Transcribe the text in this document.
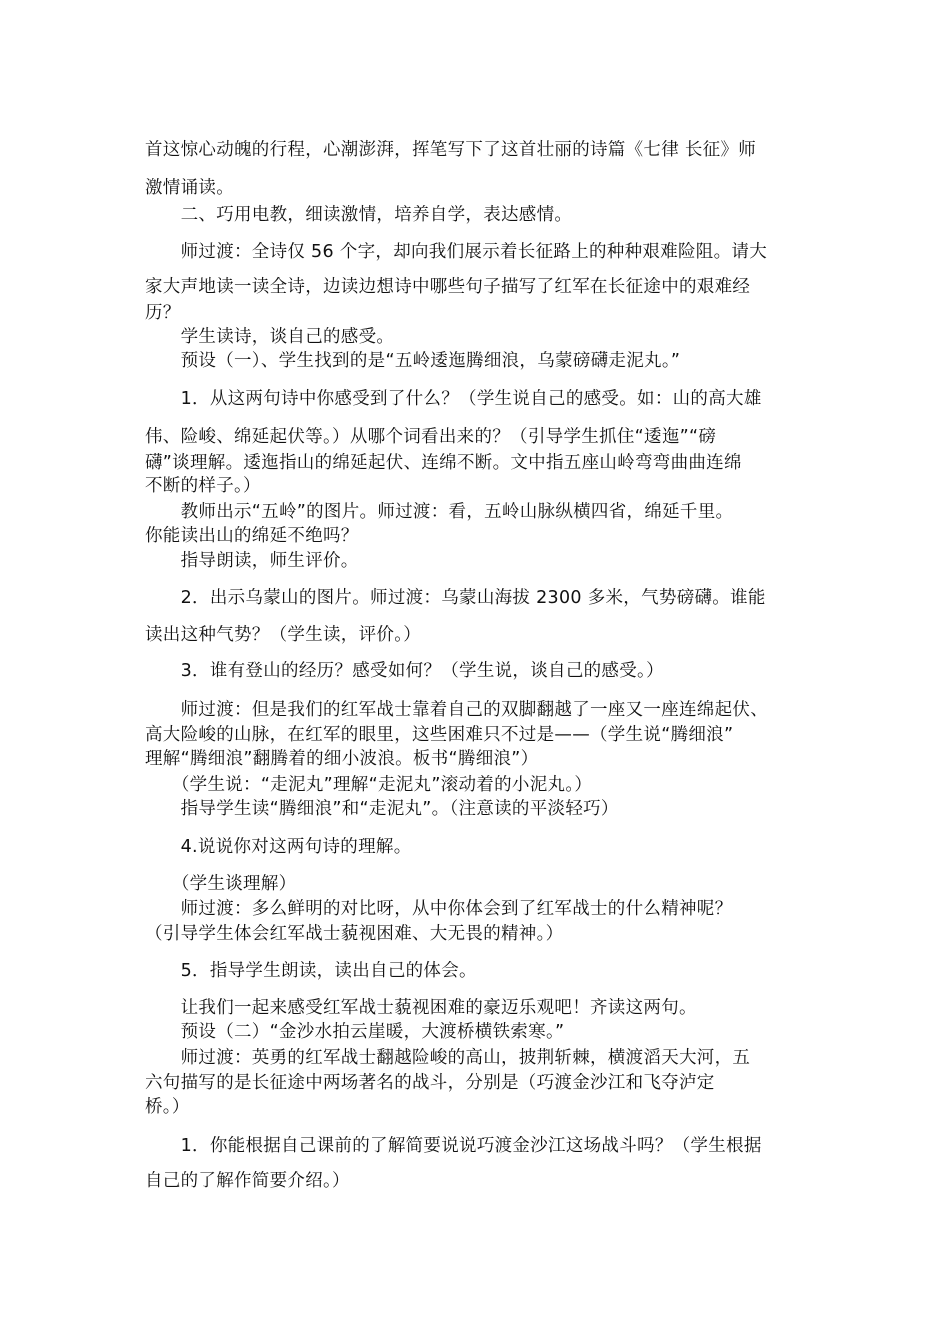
首这惊心动魄的行程，心潮澎湃，挥笔写下了这首壮丽的诗篇《七律 长征》师
激情诵读。
　　二、巧用电教，细读激情，培养自学，表达感情。
　　师过渡：全诗仅 56 个字，却向我们展示着长征路上的种种艰难险阻。请大
家大声地读一读全诗，边读边想诗中哪些句子描写了红军在长征途中的艰难经
历？
　　学生读诗，谈自己的感受。
　　预设（一）、学生找到的是“五岭逶迤腾细浪，乌蒙磅礴走泥丸。”
　　1．从这两句诗中你感受到了什么？（学生说自己的感受。如：山的高大雄
伟、险峻、绵延起伏等。）从哪个词看出来的？（引导学生抓住“逶迤”“磅
礴”谈理解。逶迤指山的绵延起伏、连绵不断。文中指五座山岭弯弯曲曲连绵
不断的样子。）
　　教师出示“五岭”的图片。师过渡：看，五岭山脉纵横四省，绵延千里。
你能读出山的绵延不绝吗？
　　指导朗读，师生评价。
　　2．出示乌蒙山的图片。师过渡：乌蒙山海拔 2300 多米，气势磅礴。谁能
读出这种气势？（学生读，评价。）
　　3．谁有登山的经历？感受如何？（学生说，谈自己的感受。）
　　师过渡：但是我们的红军战士靠着自己的双脚翻越了一座又一座连绵起伏、
高大险峻的山脉，在红军的眼里，这些困难只不过是——（学生说“腾细浪”
理解“腾细浪”翻腾着的细小波浪。板书“腾细浪”）
　　（学生说：“走泥丸”理解“走泥丸”滚动着的小泥丸。）
　　指导学生读“腾细浪”和“走泥丸”。（注意读的平淡轻巧）
　　4.说说你对这两句诗的理解。
　　（学生谈理解）
　　师过渡：多么鲜明的对比呀，从中你体会到了红军战士的什么精神呢？
（引导学生体会红军战士藐视困难、大无畏的精神。）
　　5．指导学生朗读，读出自己的体会。
　　让我们一起来感受红军战士藐视困难的豪迈乐观吧！齐读这两句。
　　预设（二）“金沙水拍云崖暖，大渡桥横铁索寒。”
　　师过渡：英勇的红军战士翻越险峻的高山，披荆斩棘，横渡滔天大河，五
六句描写的是长征途中两场著名的战斗，分别是（巧渡金沙江和飞夺泸定
桥。）
　　1．你能根据自己课前的了解简要说说巧渡金沙江这场战斗吗？（学生根据
自己的了解作简要介绍。）
